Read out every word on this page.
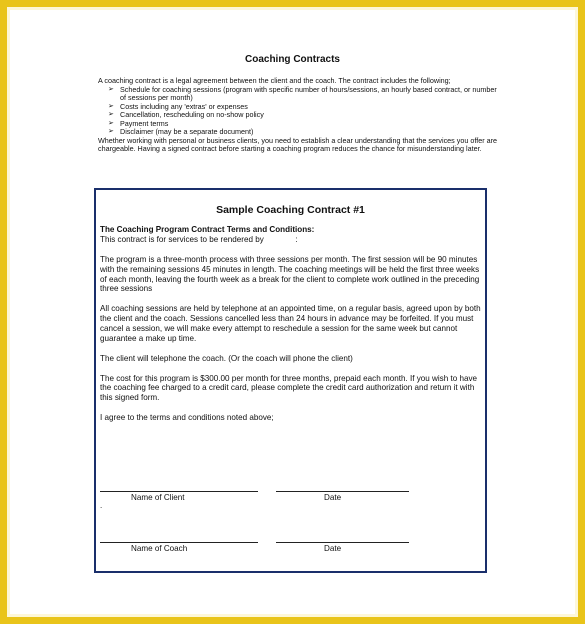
Coaching Contracts
A coaching contract is a legal agreement between the client and the coach. The contract includes the following;
➢ Schedule for coaching sessions (program with specific number of hours/sessions, an hourly based contract, or number of sessions per month)
➢ Costs including any 'extras' or expenses
➢ Cancellation, rescheduling on no-show policy
➢ Payment terms
➢ Disclaimer (may be a separate document)
Whether working with personal or business clients, you need to establish a clear understanding that the services you offer are chargeable. Having a signed contract before starting a coaching program reduces the chance for misunderstanding later.
Sample Coaching Contract #1

The Coaching Program Contract Terms and Conditions:

This contract is for services to be rendered by              :

The program is a three-month process with three sessions per month. The first session will be 90 minutes with the remaining sessions 45 minutes in length. The coaching meetings will be held the first three weeks of each month, leaving the fourth week as a break for the client to complete work outlined in the preceding three sessions

All coaching sessions are held by telephone at an appointed time, on a regular basis, agreed upon by both the client and the coach. Sessions cancelled less than 24 hours in advance may be forfeited. If you must cancel a session, we will make every attempt to reschedule a session for the same week but cannot guarantee a make up time.

The client will telephone the coach. (Or the coach will phone the client)

The cost for this program is $300.00 per month for three months, prepaid each month. If you wish to have the coaching fee charged to a credit card, please complete the credit card authorization and return it with this signed form.

I agree to the terms and conditions noted above;

Name of Client	Date
.
Name of Coach	Date
